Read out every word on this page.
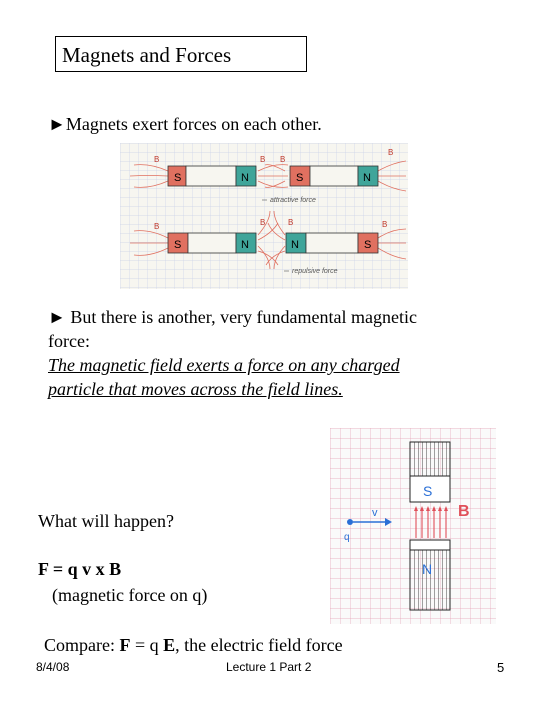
Magnets and Forces
►Magnets exert forces on each other.
S	N	S	N
B	B B
B
attractive force
S	N	N	S
B	B	B	B
repulsive force
► But there is another, very fundamental magnetic
force:
The magnetic field exerts a force on any charged
particle that moves across the field lines.
S
B
N
v
q
What will happen?
F = q v x B
(magnetic force on q)
Compare: F = q E, the electric field force
8/4/08	Lecture 1 Part 2	5
